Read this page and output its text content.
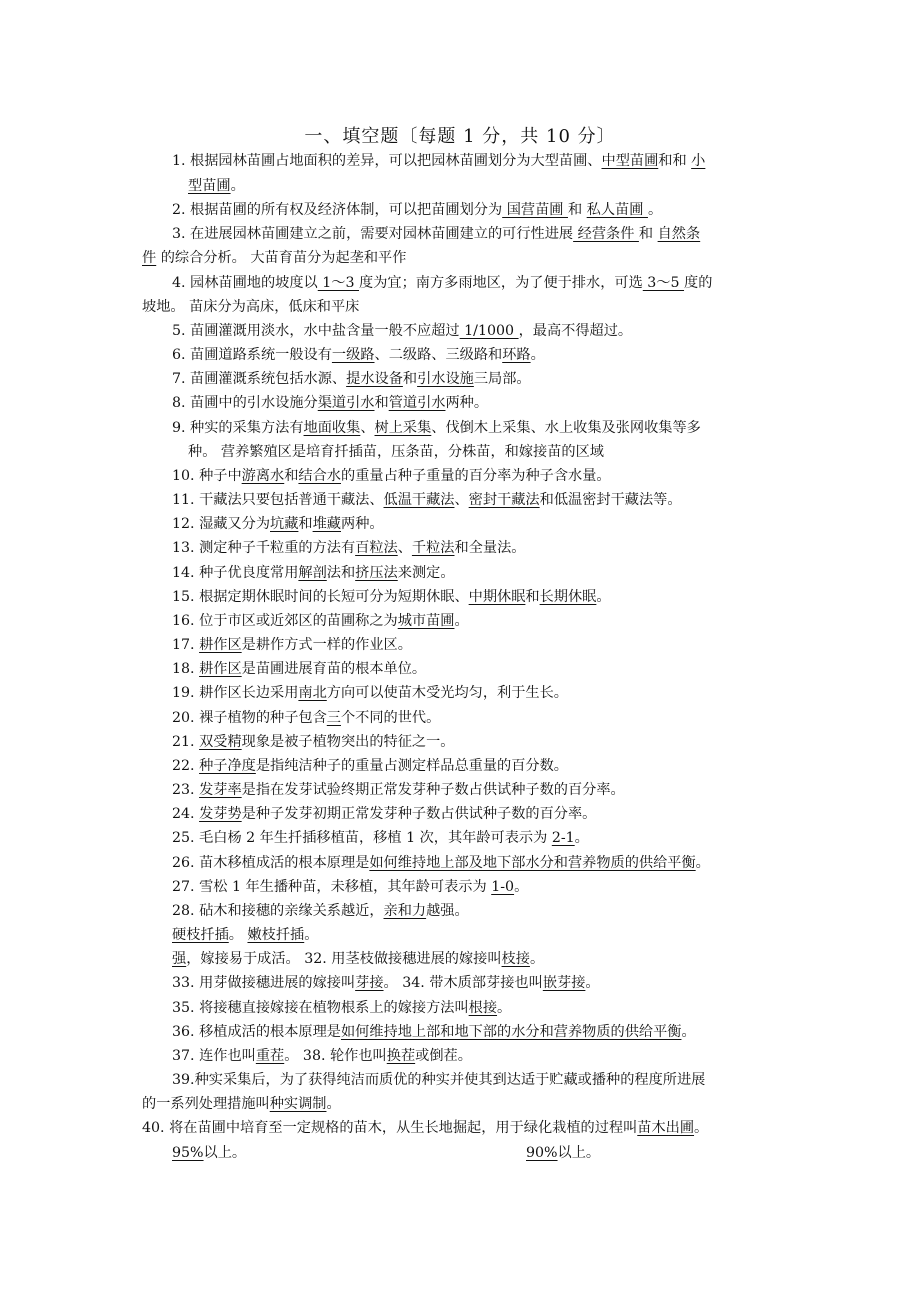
一、填空题〔每题 1 分，共 10 分〕
1. 根据园林苗圃占地面积的差异，可以把园林苗圃划分为大型苗圃、中型苗圃和和 小
型苗圃。
2. 根据苗圃的所有权及经济体制，可以把苗圃划分为 国营苗圃 和 私人苗圃 。
3. 在进展园林苗圃建立之前，需要对园林苗圃建立的可行性进展 经营条件 和 自然条
件 的综合分析。 大苗育苗分为起垄和平作
4. 园林苗圃地的坡度以 1～3 度为宜；南方多雨地区，为了便于排水，可选 3～5 度的
坡地。 苗床分为高床，低床和平床
5. 苗圃灌溉用淡水，水中盐含量一般不应超过 1/1000 ，最高不得超过。
6. 苗圃道路系统一般设有一级路、二级路、三级路和环路。
7. 苗圃灌溉系统包括水源、提水设备和引水设施三局部。
8. 苗圃中的引水设施分渠道引水和管道引水两种。
9. 种实的采集方法有地面收集、树上采集、伐倒木上采集、水上收集及张网收集等多
种。 营养繁殖区是培育扦插苗，压条苗，分株苗，和嫁接苗的区域
10. 种子中游离水和结合水的重量占种子重量的百分率为种子含水量。
11. 干藏法只要包括普通干藏法、低温干藏法、密封干藏法和低温密封干藏法等。
12. 湿藏又分为坑藏和堆藏两种。
13. 测定种子千粒重的方法有百粒法、千粒法和全量法。
14. 种子优良度常用解剖法和挤压法来测定。
15. 根据定期休眠时间的长短可分为短期休眠、中期休眠和长期休眠。
16. 位于市区或近郊区的苗圃称之为城市苗圃。
17. 耕作区是耕作方式一样的作业区。
18. 耕作区是苗圃进展育苗的根本单位。
19. 耕作区长边采用南北方向可以使苗木受光均匀，利于生长。
20. 裸子植物的种子包含三个不同的世代。
21. 双受精现象是被子植物突出的特征之一。
22. 种子净度是指纯洁种子的重量占测定样品总重量的百分数。
23. 发芽率是指在发芽试验终期正常发芽种子数占供试种子数的百分率。
24. 发芽势是种子发芽初期正常发芽种子数占供试种子数的百分率。
25. 毛白杨 2 年生扦插移植苗，移植 1 次，其年龄可表示为 2-1。
26. 苗木移植成活的根本原理是如何维持地上部及地下部水分和营养物质的供给平衡。
27. 雪松 1 年生播种苗，未移植，其年龄可表示为 1-0。
28. 砧木和接穗的亲缘关系越近，亲和力越强。
硬枝扦插。 嫩枝扦插。
强，嫁接易于成活。 32. 用茎枝做接穗进展的嫁接叫枝接。
33. 用芽做接穗进展的嫁接叫芽接。 34. 带木质部芽接也叫嵌芽接。
35. 将接穗直接嫁接在植物根系上的嫁接方法叫根接。
36. 移植成活的根本原理是如何维持地上部和地下部的水分和营养物质的供给平衡。
37. 连作也叫重茬。 38. 轮作也叫换茬或倒茬。
39.种实采集后，为了获得纯洁而质优的种实并使其到达适于贮藏或播种的程度所进展
的一系列处理措施叫种实调制。
40. 将在苗圃中培育至一定规格的苗木，从生长地掘起，用于绿化栽植的过程叫苗木出圃。
95%以上。	90%以上。
